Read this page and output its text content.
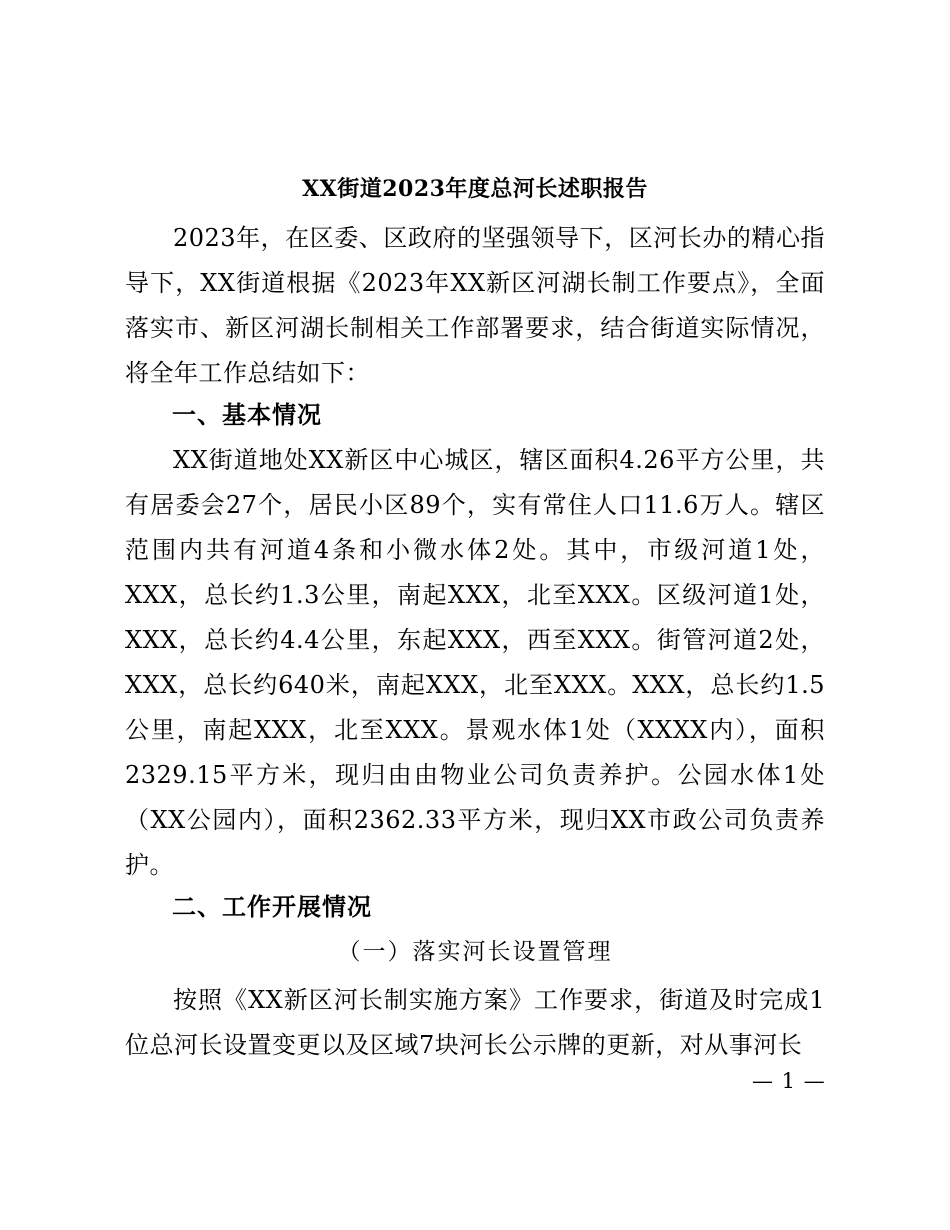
XX街道2023年度总河长述职报告
2023年，在区委、区政府的坚强领导下，区河长办的精心指导下，XX街道根据《2023年XX新区河湖长制工作要点》，全面落实市、新区河湖长制相关工作部署要求，结合街道实际情况，将全年工作总结如下：
一、基本情况
XX街道地处XX新区中心城区，辖区面积4.26平方公里，共有居委会27个，居民小区89个，实有常住人口11.6万人。辖区范围内共有河道4条和小微水体2处。其中，市级河道1处，XXX，总长约1.3公里，南起XXX，北至XXX。区级河道1处，XXX，总长约4.4公里，东起XXX，西至XXX。街管河道2处，XXX，总长约640米，南起XXX，北至XXX。XXX，总长约1.5公里，南起XXX，北至XXX。景观水体1处（XXXX内），面积2329.15平方米，现归由由物业公司负责养护。公园水体1处（XX公园内），面积2362.33平方米，现归XX市政公司负责养护。
二、工作开展情况
（一）落实河长设置管理
按照《XX新区河长制实施方案》工作要求，街道及时完成1位总河长设置变更以及区域7块河长公示牌的更新，对从事河长
— 1 —
